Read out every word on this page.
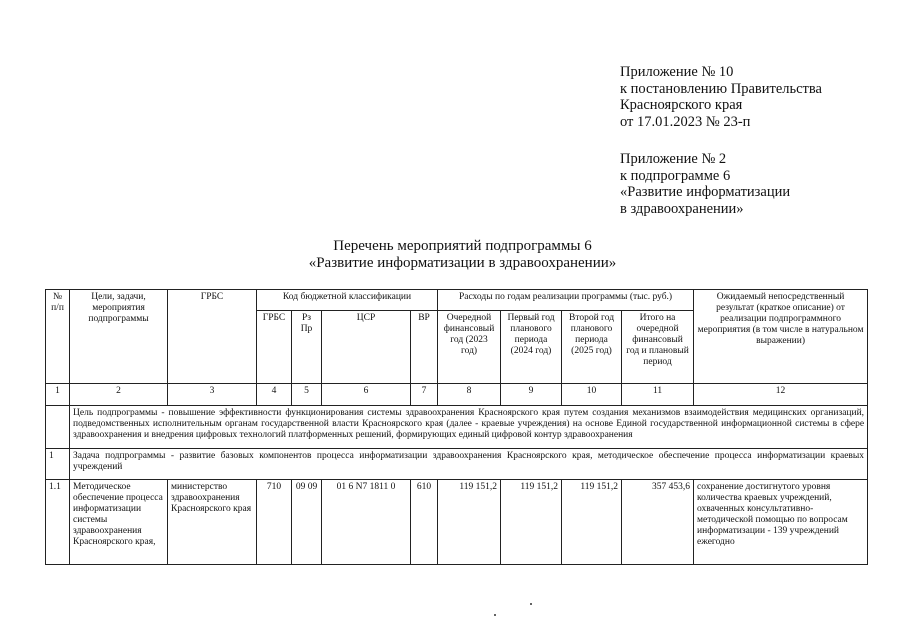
Приложение № 10
к постановлению Правительства
Красноярского края
от 17.01.2023 № 23-п
Приложение № 2
к подпрограмме 6
«Развитие информатизации
в здравоохранении»
Перечень мероприятий подпрограммы 6
«Развитие информатизации в здравоохранении»
№ п/п	Цели, задачи, мероприятия подпрограммы	ГРБС	Код бюджетной классификации				Расходы по годам реализации программы (тыс. руб.)				Ожидаемый непосредственный результат (краткое описание) от реализации подпрограммного мероприятия (в том числе в натуральном выражении)
			ГРБС	Рз Пр	ЦСР	ВР	Очередной финансовый год (2023 год)	Первый год планового периода (2024 год)	Второй год планового периода (2025 год)	Итого на очередной финансовый год и плановый период	
1	2	3	4	5	6	7	8	9	10	11	12
	Цель подпрограммы - повышение эффективности функционирования системы здравоохранения Красноярского края путем создания механизмов взаимодействия медицинских организаций, подведомственных исполнительным органам государственной власти Красноярского края (далее - краевые учреждения) на основе Единой государственной информационной системы в сфере здравоохранения и внедрения цифровых технологий платформенных решений, формирующих единый цифровой контур здравоохранения										
1	Задача подпрограммы - развитие базовых компонентов процесса информатизации здравоохранения Красноярского края, методическое обеспечение процесса информатизации краевых учреждений										
1.1	Методическое обеспечение процесса информатизации системы здравоохранения Красноярского края,	министерство здравоохранения Красноярского края	710	09 09	01 6 N7 1811 0	610	119 151,2	119 151,2	119 151,2	357 453,6	сохранение достигнутого уровня количества краевых учреждений, охваченных консультативно-методической помощью по вопросам информатизации - 139 учреждений ежегодно
